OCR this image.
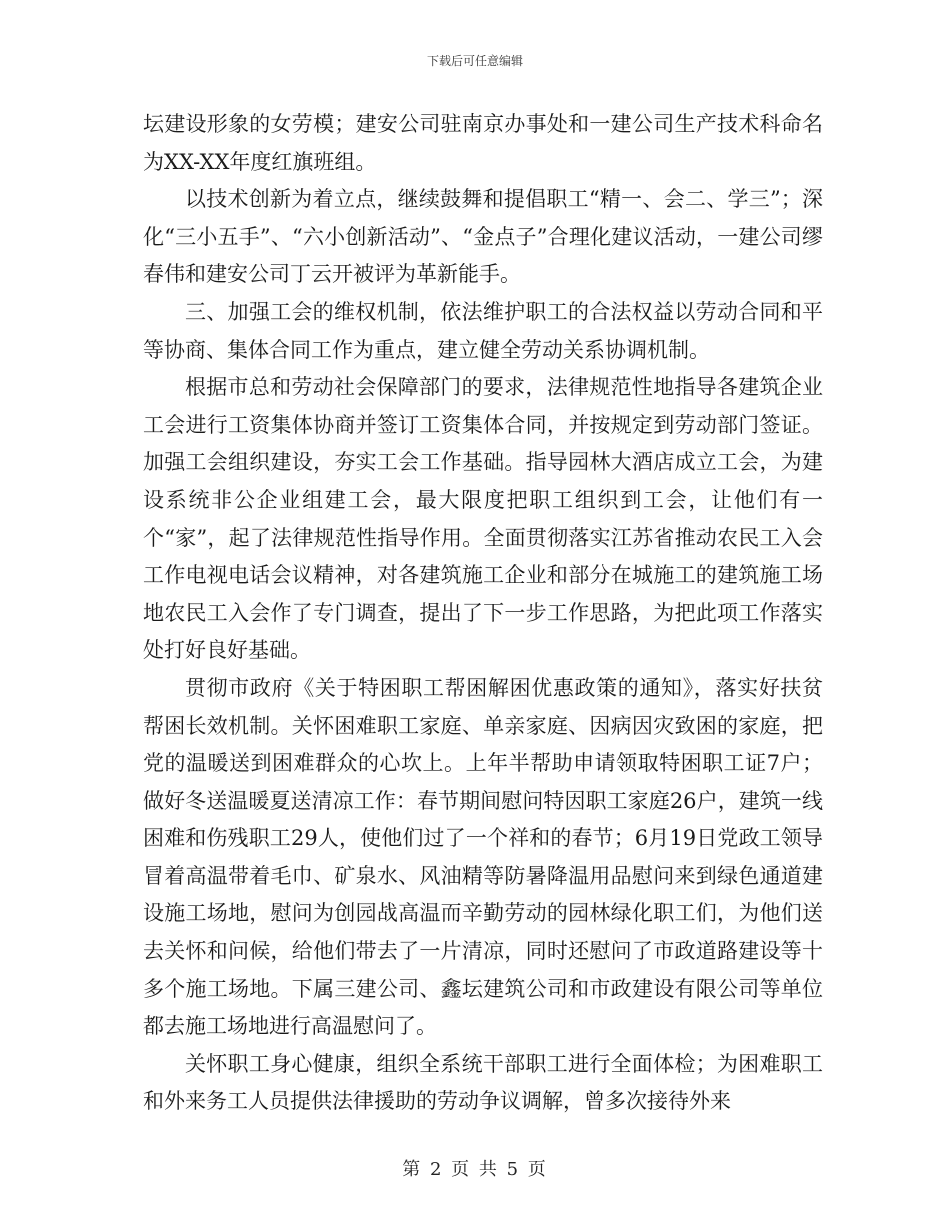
下载后可任意编辑

坛建设形象的女劳模；建安公司驻南京办事处和一建公司生产技术科命名为XX-XX年度红旗班组。

以技术创新为着立点，继续鼓舞和提倡职工“精一、会二、学三”；深化“三小五手”、“六小创新活动”、“金点子”合理化建议活动，一建公司缪春伟和建安公司丁云开被评为革新能手。

三、加强工会的维权机制，依法维护职工的合法权益以劳动合同和平等协商、集体合同工作为重点，建立健全劳动关系协调机制。

根据市总和劳动社会保障部门的要求，法律规范性地指导各建筑企业工会进行工资集体协商并签订工资集体合同，并按规定到劳动部门签证。加强工会组织建设，夯实工会工作基础。指导园林大酒店成立工会，为建设系统非公企业组建工会，最大限度把职工组织到工会，让他们有一个“家”，起了法律规范性指导作用。全面贯彻落实江苏省推动农民工入会工作电视电话会议精神，对各建筑施工企业和部分在城施工的建筑施工场地农民工入会作了专门调查，提出了下一步工作思路，为把此项工作落实处打好良好基础。

贯彻市政府《关于特困职工帮困解困优惠政策的通知》，落实好扶贫帮困长效机制。关怀困难职工家庭、单亲家庭、因病因灾致困的家庭，把党的温暖送到困难群众的心坎上。上年半帮助申请领取特困职工证7户；做好冬送温暖夏送清凉工作：春节期间慰问特因职工家庭26户，建筑一线困难和伤残职工29人，使他们过了一个祥和的春节；6月19日党政工领导冒着高温带着毛巾、矿泉水、风油精等防暑降温用品慰问来到绿色通道建设施工场地，慰问为创园战高温而辛勤劳动的园林绿化职工们，为他们送去关怀和问候，给他们带去了一片清凉，同时还慰问了市政道路建设等十多个施工场地。下属三建公司、鑫坛建筑公司和市政建设有限公司等单位都去施工场地进行高温慰问了。

关怀职工身心健康，组织全系统干部职工进行全面体检；为困难职工和外来务工人员提供法律援助的劳动争议调解，曾多次接待外来

第 2 页 共 5 页
